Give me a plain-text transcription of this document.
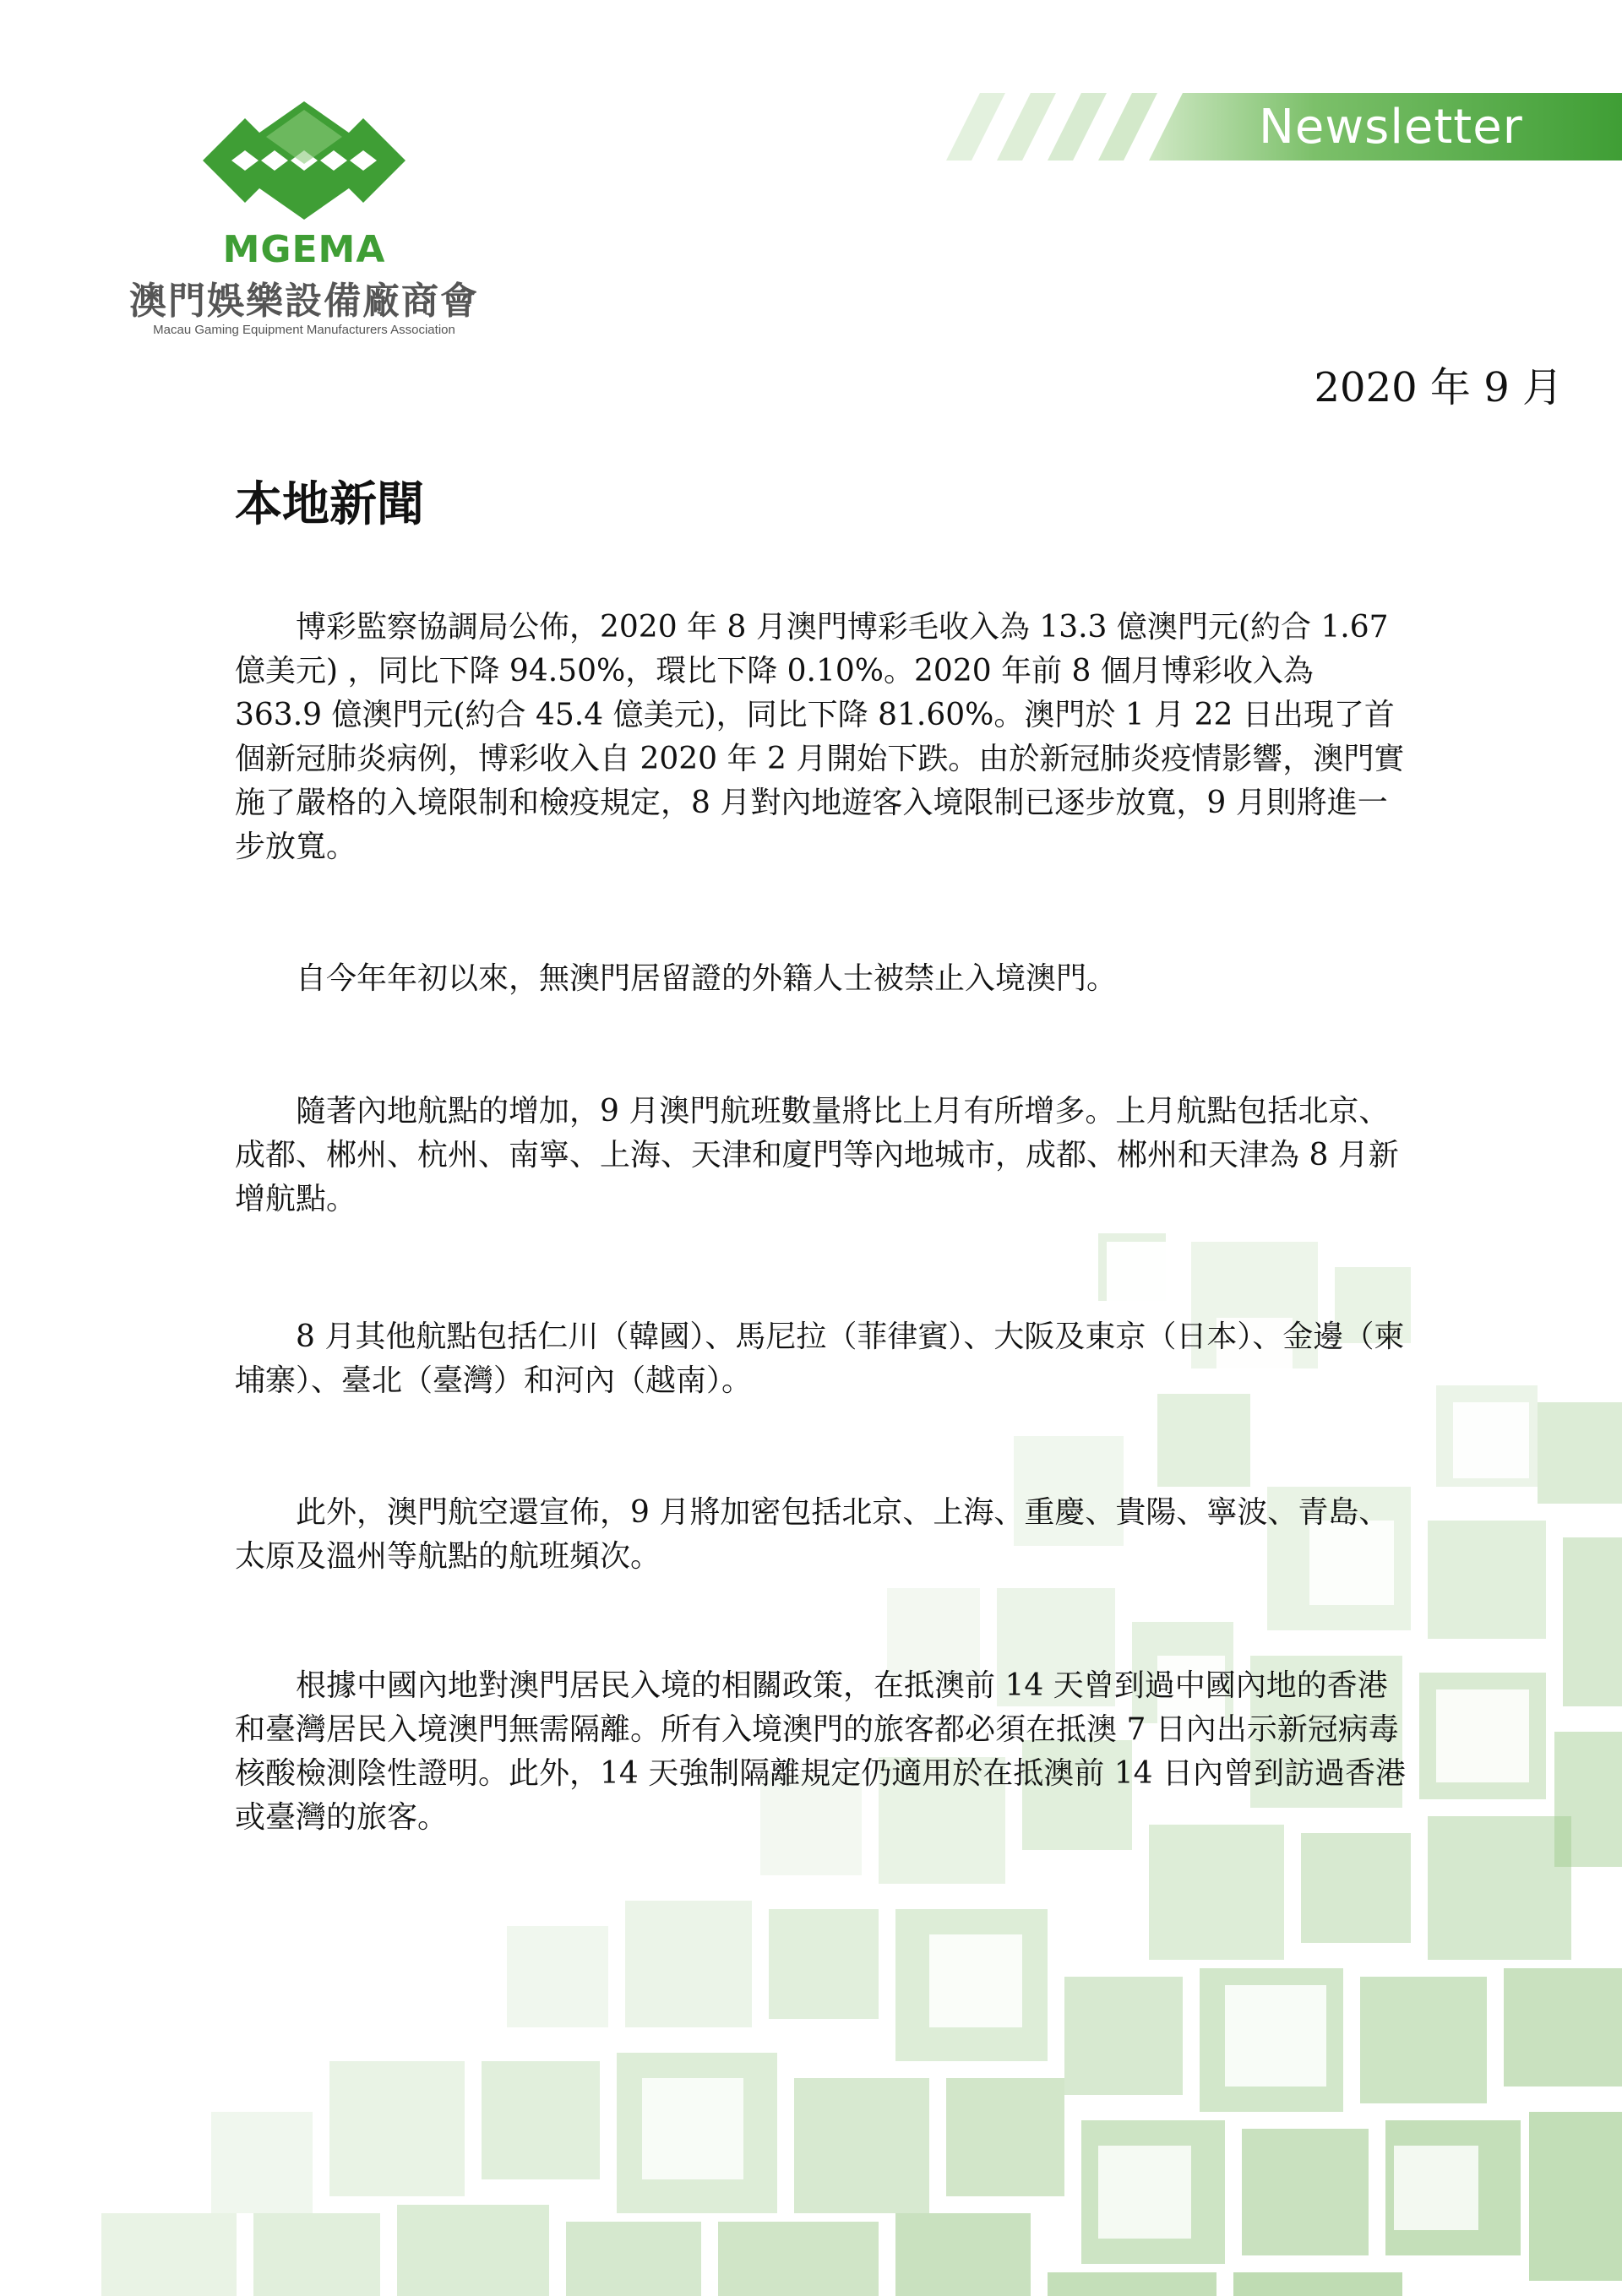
MGEMA
澳門娛樂設備廠商會
Macau Gaming Equipment Manufacturers Association
Newsletter
2020 年 9 月
本地新聞

博彩監察協調局公佈，2020 年 8 月澳門博彩毛收入為 13.3 億澳門元(約合 1.67 億美元) ，同比下降 94.50%，環比下降 0.10%。2020 年前 8 個月博彩收入為 363.9 億澳門元(約合 45.4 億美元)，同比下降 81.60%。澳門於 1 月 22 日出現了首個新冠肺炎病例，博彩收入自 2020 年 2 月開始下跌。由於新冠肺炎疫情影響，澳門實施了嚴格的入境限制和檢疫規定，8 月對內地遊客入境限制已逐步放寬，9 月則將進一步放寬。

自今年年初以來，無澳門居留證的外籍人士被禁止入境澳門。

隨著內地航點的增加，9 月澳門航班數量將比上月有所增多。上月航點包括北京、成都、郴州、杭州、南寧、上海、天津和廈門等內地城市，成都、郴州和天津為 8 月新增航點。

8 月其他航點包括仁川（韓國）、馬尼拉（菲律賓）、大阪及東京（日本）、金邊（柬埔寨）、臺北（臺灣）和河內（越南）。

此外，澳門航空還宣佈，9 月將加密包括北京、上海、重慶、貴陽、寧波、青島、太原及溫州等航點的航班頻次。

根據中國內地對澳門居民入境的相關政策，在抵澳前 14 天曾到過中國內地的香港和臺灣居民入境澳門無需隔離。所有入境澳門的旅客都必須在抵澳 7 日內出示新冠病毒核酸檢測陰性證明。此外，14 天強制隔離規定仍適用於在抵澳前 14 日內曾到訪過香港或臺灣的旅客。
